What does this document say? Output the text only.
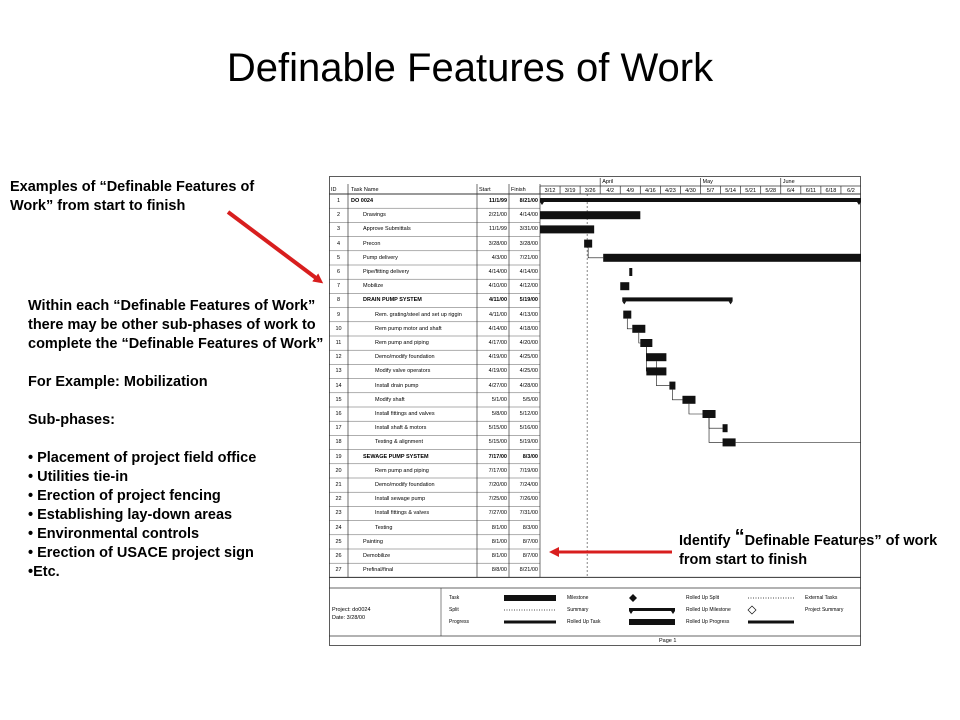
Definable Features of Work
Examples of “Definable Features of Work” from start to finish

Within each “Definable Features of Work” there may be other sub-phases of work to complete the “Definable Features of Work”

For Example: Mobilization

Sub-phases:

• Placement of project field office
• Utilities tie-in
• Erection of project fencing
• Establishing lay-down areas
• Environmental controls
• Erection of USACE project sign
•Etc.
Identify “Definable Features” of work from start to finish
April	May	June
3/12	3/19	3/26	4/2	4/9	4/16	4/23	4/30	5/7	5/14	5/21	5/28	6/4	6/11	6/18	6/2
ID	Task Name	Start	Finish
1	DO 0024	11/1/99	8/21/00
2	Drawings	2/21/00	4/14/00
3	Approve Submittals	11/1/99	3/31/00
4	Precon	3/28/00	3/28/00
5	Pump delivery	4/3/00	7/21/00
6	Pipe/fitting delivery	4/14/00	4/14/00
7	Mobilize	4/10/00	4/12/00
8	DRAIN PUMP SYSTEM	4/11/00	5/19/00
9	Rem. grating/steel and set up riggin	4/11/00	4/13/00
10	Rem pump motor and shaft	4/14/00	4/18/00
11	Rem pump and piping	4/17/00	4/20/00
12	Demo/modify foundation	4/19/00	4/25/00
13	Modify valve operators	4/19/00	4/25/00
14	Install drain pump	4/27/00	4/28/00
15	Modify shaft	5/1/00	5/5/00
16	Install fittings and valves	5/8/00	5/12/00
17	Install shaft & motors	5/15/00	5/16/00
18	Testing & alignment	5/15/00	5/19/00
19	SEWAGE PUMP SYSTEM	7/17/00	8/3/00
20	Rem pump and piping	7/17/00	7/19/00
21	Demo/modify foundation	7/20/00	7/24/00
22	Install sewage pump	7/25/00	7/26/00
23	Install fittings & valves	7/27/00	7/31/00
24	Testing	8/1/00	8/3/00
25	Painting	8/1/00	8/7/00
26	Demobilize	8/1/00	8/7/00
27	Prefinal/final	8/8/00	8/21/00
Project: do0024
Date: 3/28/00
Task
Split
Progress
Milestone
Summary
Rolled Up Task
Rolled Up Split
Rolled Up Milestone
Rolled Up Progress
External Tasks
Project Summary
Page 1
